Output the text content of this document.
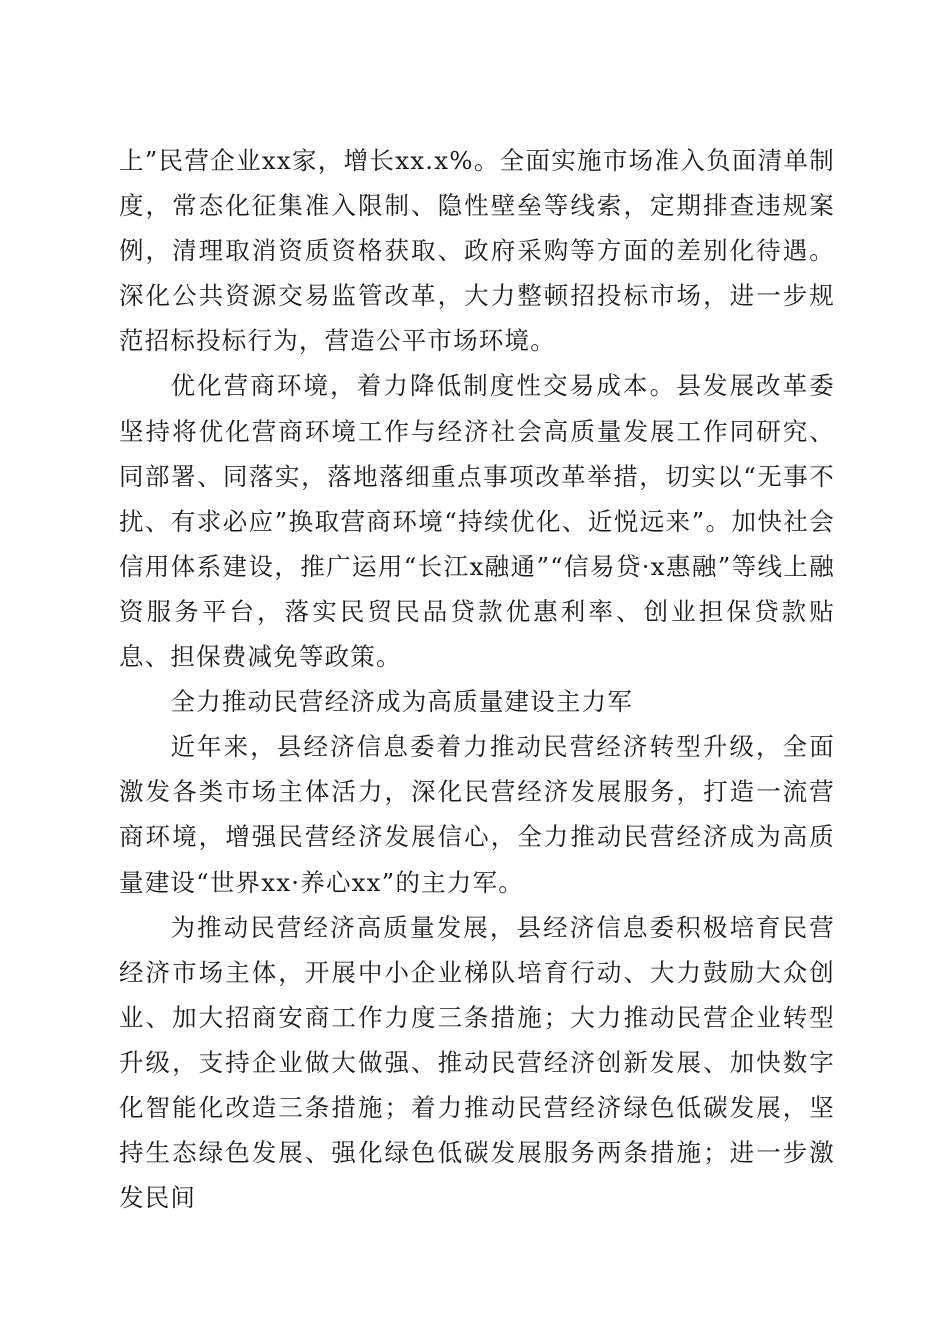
上”民营企业xx家，增长xx.x%。全面实施市场准入负面清单制度，常态化征集准入限制、隐性壁垒等线索，定期排查违规案例，清理取消资质资格获取、政府采购等方面的差别化待遇。深化公共资源交易监管改革，大力整顿招投标市场，进一步规范招标投标行为，营造公平市场环境。

优化营商环境，着力降低制度性交易成本。县发展改革委坚持将优化营商环境工作与经济社会高质量发展工作同研究、同部署、同落实，落地落细重点事项改革举措，切实以“无事不扰、有求必应”换取营商环境“持续优化、近悦远来”。加快社会信用体系建设，推广运用“长江x融通”“信易贷·x惠融”等线上融资服务平台，落实民贸民品贷款优惠利率、创业担保贷款贴息、担保费减免等政策。

全力推动民营经济成为高质量建设主力军

近年来，县经济信息委着力推动民营经济转型升级，全面激发各类市场主体活力，深化民营经济发展服务，打造一流营商环境，增强民营经济发展信心，全力推动民营经济成为高质量建设“世界xx·养心xx”的主力军。

为推动民营经济高质量发展，县经济信息委积极培育民营经济市场主体，开展中小企业梯队培育行动、大力鼓励大众创业、加大招商安商工作力度三条措施；大力推动民营企业转型升级，支持企业做大做强、推动民营经济创新发展、加快数字化智能化改造三条措施；着力推动民营经济绿色低碳发展，坚持生态绿色发展、强化绿色低碳发展服务两条措施；进一步激发民间
